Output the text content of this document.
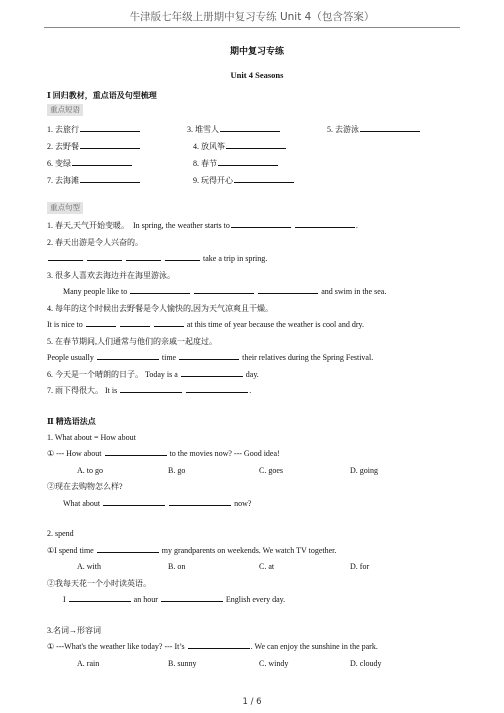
牛津版七年级上册期中复习专练 Unit 4（包含答案）
期中复习专练
Unit 4 Seasons
Ⅰ 回归教材，重点语及句型梳理
重点短语
1. 去旅行	3. 堆雪人	5. 去游泳
2. 去野餐	4. 放风筝
6. 变绿	8. 春节
7. 去海滩	9. 玩得开心
重点句型
1. 春天,天气开始变暖。 In spring, the weather starts to	.
2. 春天出游是令人兴奋的。
take a trip in spring.
3. 很多人喜欢去海边并在海里游泳。
Many people like to	and swim in the sea.
4. 每年的这个时候出去野餐是令人愉快的,因为天气凉爽且干燥。
It is nice to	at this time of year because the weather is cool and dry.
5. 在春节期间,人们通常与他们的亲戚一起度过。
People usually	time	their relatives during the Spring Festival.
6. 今天是一个晴朗的日子。 Today is a	day.
7. 雨下得很大。 It is	.
Ⅱ 精选语法点
1. What about = How about
① --- How about	to the movies now? --- Good idea!
A. to go	B. go	C. goes	D. going
②现在去购物怎么样?
What about	now?
2. spend
①I spend time	my grandparents on weekends. We watch TV together.
A. with	B. on	C. at	D. for
②我每天花一个小时读英语。
I	an hour	English every day.
3.名词→形容词
① ---What's the weather like today? --- It’s	. We can enjoy the sunshine in the park.
A. rain	B. sunny	C. windy	D. cloudy
1 / 6
